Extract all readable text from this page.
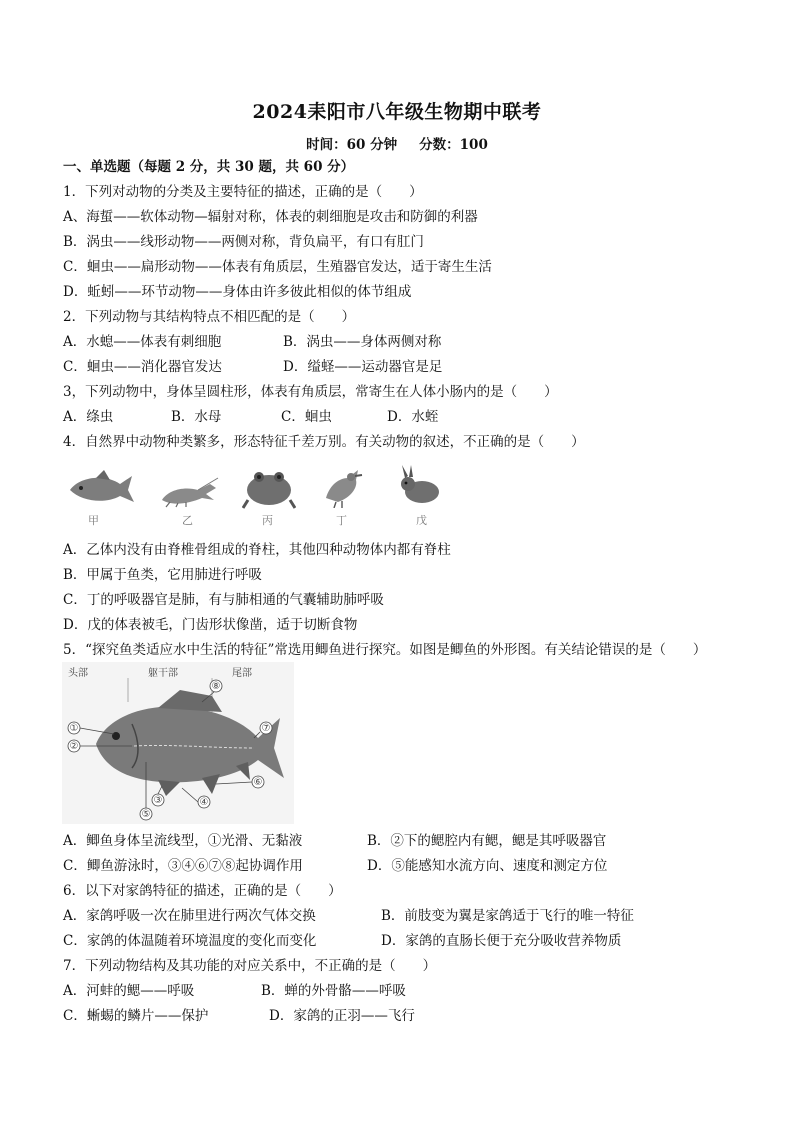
2024耒阳市八年级生物期中联考
时间：60 分钟 分数：100
一、单选题（每题 2 分，共 30 题，共 60 分）
1．下列对动物的分类及主要特征的描述，正确的是（　　）
A、海蜇——软体动物—辐射对称，体表的刺细胞是攻击和防御的利器
B．涡虫——线形动物——两侧对称，背负扁平，有口有肛门
C．蛔虫——扁形动物——体表有角质层，生殖器官发达，适于寄生生活
D．蚯蚓——环节动物——身体由许多彼此相似的体节组成
2．下列动物与其结构特点不相匹配的是（　　）
A．水螅——体表有刺细胞	B．涡虫——身体两侧对称
C．蛔虫——消化器官发达	D．缢蛏——运动器官是足
3，下列动物中，身体呈圆柱形，体表有角质层，常寄生在人体小肠内的是（　　）
A．绦虫	B．水母	C．蛔虫	D．水蛭
4．自然界中动物种类繁多，形态特征千差万别。有关动物的叙述，不正确的是（　　）
甲	乙	丙	丁	戊
A．乙体内没有由脊椎骨组成的脊柱，其他四种动物体内都有脊柱
B．甲属于鱼类，它用肺进行呼吸
C．丁的呼吸器官是肺，有与肺相通的气囊辅助肺呼吸
D．戊的体表被毛，门齿形状像凿，适于切断食物
5．“探究鱼类适应水中生活的特征”常选用鲫鱼进行探究。如图是鲫鱼的外形图。有关结论错误的是（　　）
头部	躯干部	尾部
①
②
⑤
③	④
⑥
⑦
⑧
A．鲫鱼身体呈流线型，①光滑、无黏液	B．②下的鳃腔内有鳃，鳃是其呼吸器官
C．鲫鱼游泳时，③④⑥⑦⑧起协调作用	D．⑤能感知水流方向、速度和测定方位
6．以下对家鸽特征的描述，正确的是（　　）
A．家鸽呼吸一次在肺里进行两次气体交换	B．前肢变为翼是家鸽适于飞行的唯一特征
C．家鸽的体温随着环境温度的变化而变化	D．家鸽的直肠长便于充分吸收营养物质
7．下列动物结构及其功能的对应关系中，不正确的是（　　）
A．河蚌的鳃——呼吸	B．蝉的外骨骼——呼吸
C．蜥蜴的鳞片——保护	D．家鸽的正羽——飞行
